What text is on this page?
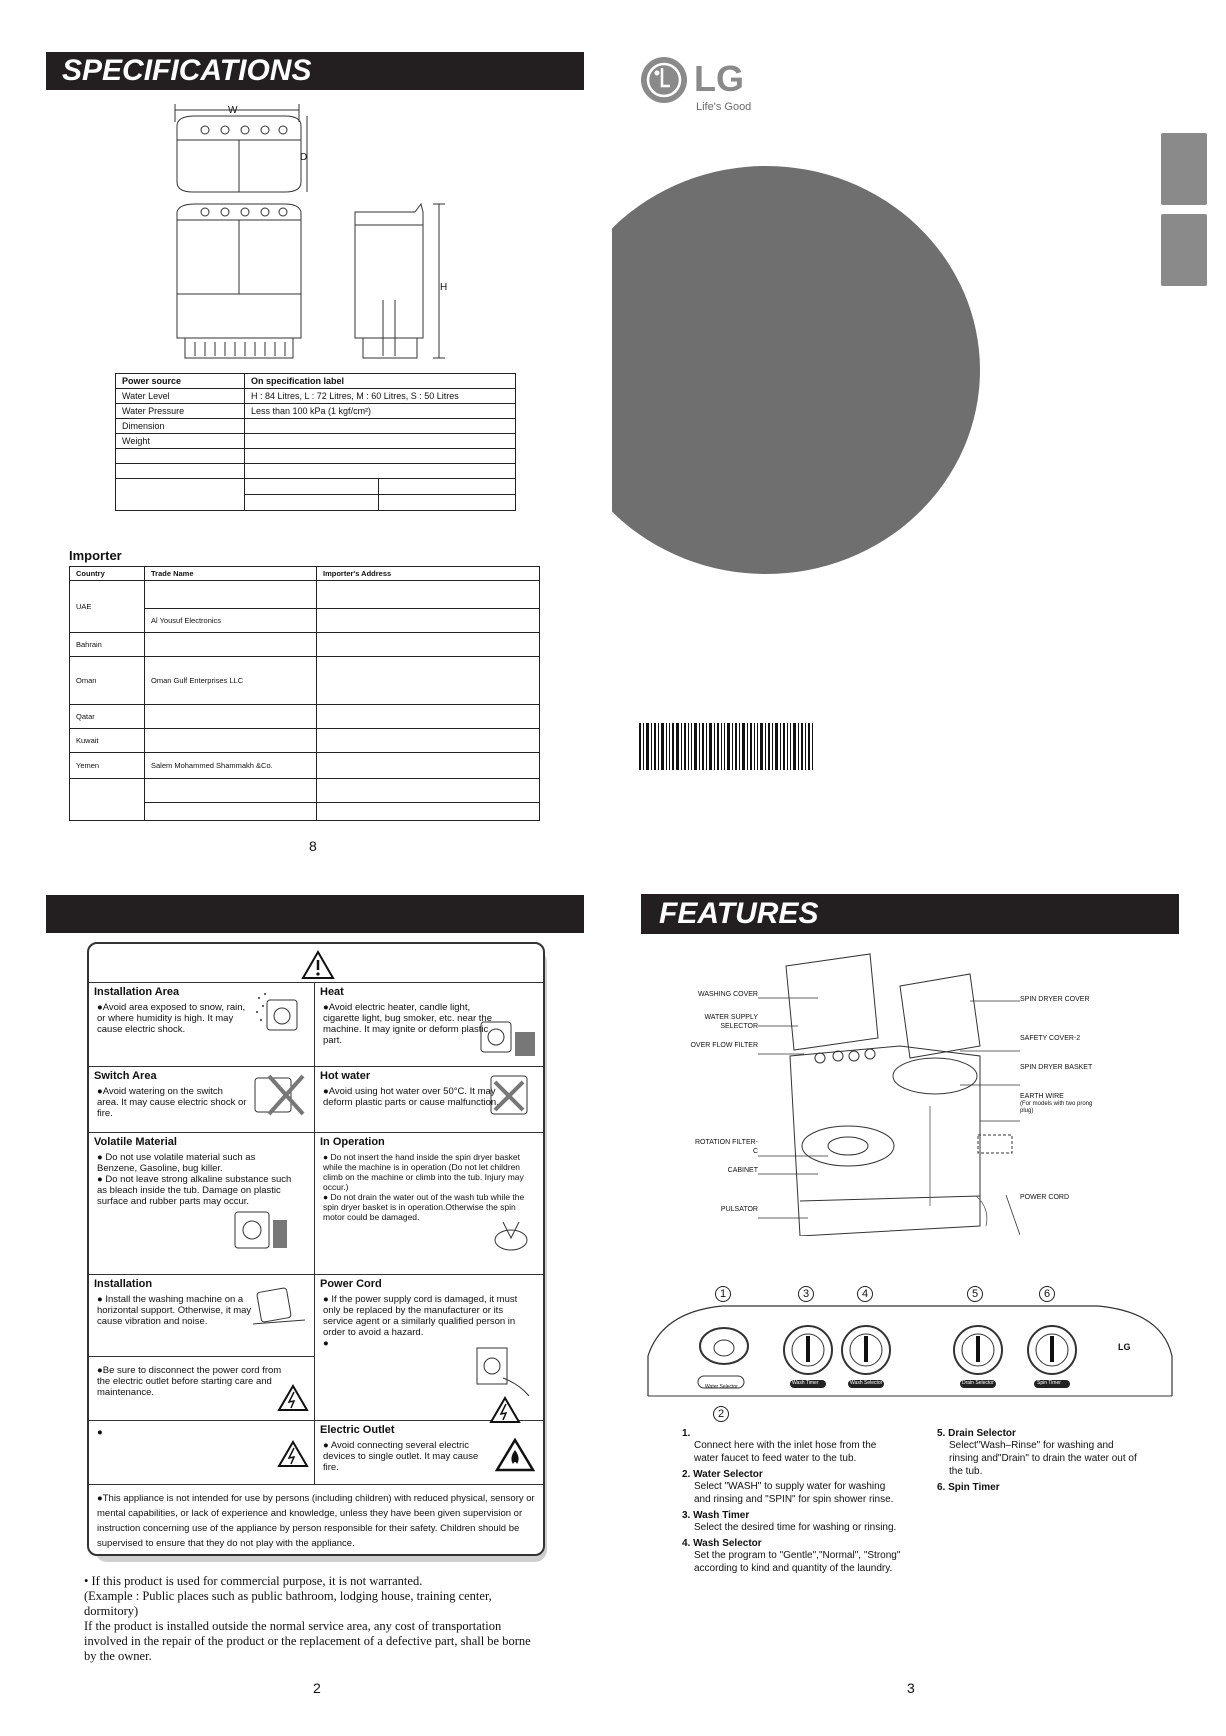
SPECIFICATIONS
W
D
H
Power source	On specification label	
Water Level	H : 84 Litres, L : 72 Litres, M : 60 Litres, S : 50 Litres	
Water Pressure	Less than 100 kPa (1 kgf/cm²)	
Dimension		
Weight		

Importer
Country	Trade Name	Importer's Address
UAE		
	Al Yousuf Electronics	
Bahrain		
Oman	Oman Gulf Enterprises LLC	
Qatar		
Kuwait		
Yemen	Salem Mohammed Shammakh &Co.	

8
LG
Life's Good
Installation Area

●Avoid area exposed to snow, rain, or where humidity is high. It may cause electric shock.

Heat

●Avoid electric heater, candle light, cigarette light, bug smoker, etc. near the machine. It may ignite or deform plastic part.

Switch Area

●Avoid watering on the switch area. It may cause electric shock or fire.

Hot water

●Avoid using hot water over 50°C. It may deform plastic parts or cause malfunction.

Volatile Material

● Do not use volatile material such as Benzene, Gasoline, bug killer.
● Do not leave strong alkaline substance such as bleach inside the tub. Damage on plastic surface and rubber parts may occur.

In Operation

● Do not insert the hand inside the spin dryer basket while the machine is in operation (Do not let children climb on the machine or climb into the tub. Injury may occur.)
● Do not drain the water out of the wash tub while the spin dryer basket is in operation.Otherwise the spin motor could be damaged.

Installation

● Install the washing machine on a horizontal support. Otherwise, it may cause vibration and noise.

Power Cord

● If the power supply cord is damaged, it must only be replaced by the manufacturer or its service agent or a similarly qualified person in order to avoid a hazard.
●

●Be sure to disconnect the power cord from the electric outlet before starting care and maintenance.

●	Electric Outlet

● Avoid connecting several electric devices to single outlet. It may cause fire.

●This appliance is not intended for use by persons (including children) with reduced physical, sensory or mental capabilities, or lack of experience and knowledge, unless they have been given supervision or instruction concerning use of the appliance by person responsible for their safety. Children should be supervised to ensure that they do not play with the appliance.

• If this product is used for commercial purpose, it is not warranted.
(Example : Public places such as public bathroom, lodging house, training center, dormitory)
If the product is installed outside the normal service area, any cost of transportation involved in the repair of the product or the replacement of a defective part, shall be borne by the owner.
2
FEATURES
WASHING COVER
WATER SUPPLY SELECTOR
OVER FLOW FILTER
ROTATION FILTER-C
CABINET
PULSATOR
SPIN DRYER COVER
SAFETY COVER-2
SPIN DRYER BASKET
EARTH WIRE
(For models with two prong plug)
POWER CORD
Water Selector
Wash Timer	Wash Selector	Drain Selector	Spin Timer
LG
1
2
3	4	5	6
1.

Connect here with the inlet hose from the water faucet to feed water to the tub.

2. Water Selector

Select "WASH" to supply water for washing and rinsing and "SPIN" for spin shower rinse.

3. Wash Timer

Select the desired time for washing or rinsing.

4. Wash Selector

Set the program to "Gentle","Normal", "Strong" according to kind and quantity of the laundry.

5. Drain Selector

Select"Wash–Rinse" for washing and rinsing and"Drain" to drain the water out of the tub.

6. Spin Timer

3
